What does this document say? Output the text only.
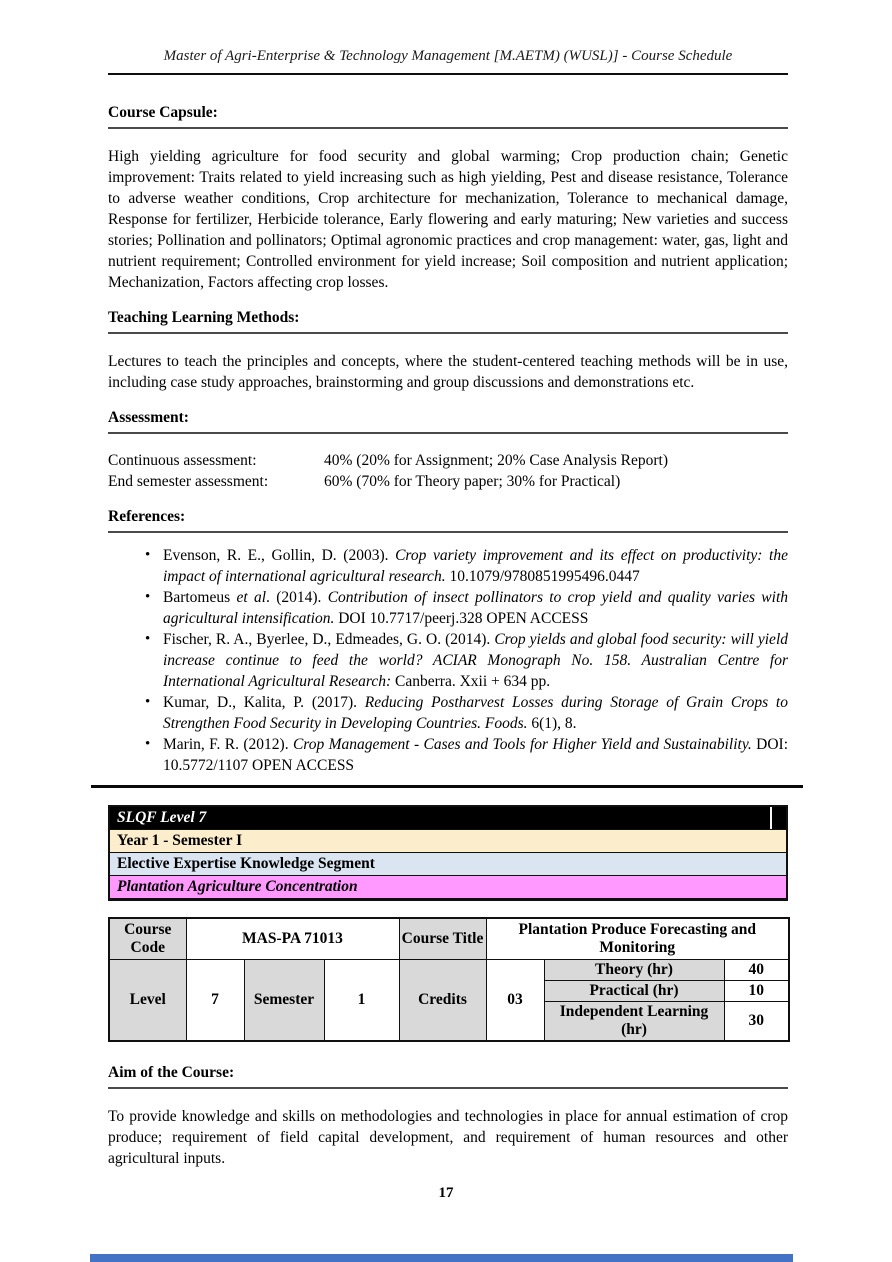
Master of Agri-Enterprise & Technology Management [M.AETM) (WUSL)] - Course Schedule
Course Capsule:
High yielding agriculture for food security and global warming; Crop production chain; Genetic improvement: Traits related to yield increasing such as high yielding, Pest and disease resistance, Tolerance to adverse weather conditions, Crop architecture for mechanization, Tolerance to mechanical damage, Response for fertilizer, Herbicide tolerance, Early flowering and early maturing; New varieties and success stories; Pollination and pollinators; Optimal agronomic practices and crop management: water, gas, light and nutrient requirement; Controlled environment for yield increase; Soil composition and nutrient application; Mechanization, Factors affecting crop losses.
Teaching Learning Methods:
Lectures to teach the principles and concepts, where the student-centered teaching methods will be in use, including case study approaches, brainstorming and group discussions and demonstrations etc.
Assessment:
Continuous assessment:	40% (20% for Assignment; 20% Case Analysis Report)
End semester assessment:	60% (70% for Theory paper; 30% for Practical)
References:
• Evenson, R. E., Gollin, D. (2003). Crop variety improvement and its effect on productivity: the impact of international agricultural research. 10.1079/9780851995496.0447
• Bartomeus et al. (2014). Contribution of insect pollinators to crop yield and quality varies with agricultural intensification. DOI 10.7717/peerj.328 OPEN ACCESS
• Fischer, R. A., Byerlee, D., Edmeades, G. O. (2014). Crop yields and global food security: will yield increase continue to feed the world? ACIAR Monograph No. 158. Australian Centre for International Agricultural Research: Canberra. Xxii + 634 pp.
• Kumar, D., Kalita, P. (2017). Reducing Postharvest Losses during Storage of Grain Crops to Strengthen Food Security in Developing Countries. Foods. 6(1), 8.
• Marin, F. R. (2012). Crop Management - Cases and Tools for Higher Yield and Sustainability. DOI: 10.5772/1107 OPEN ACCESS
SLQF Level 7
Year 1 - Semester I
Elective Expertise Knowledge Segment
Plantation Agriculture Concentration
Course Code	MAS-PA 71013			Course Title	Plantation Produce Forecasting and Monitoring		
Level	7	Semester	1	Credits	03	Theory (hr)	40
						Practical (hr)	10
						Independent Learning (hr)	30
Aim of the Course:
To provide knowledge and skills on methodologies and technologies in place for annual estimation of crop produce; requirement of field capital development, and requirement of human resources and other agricultural inputs.
17
